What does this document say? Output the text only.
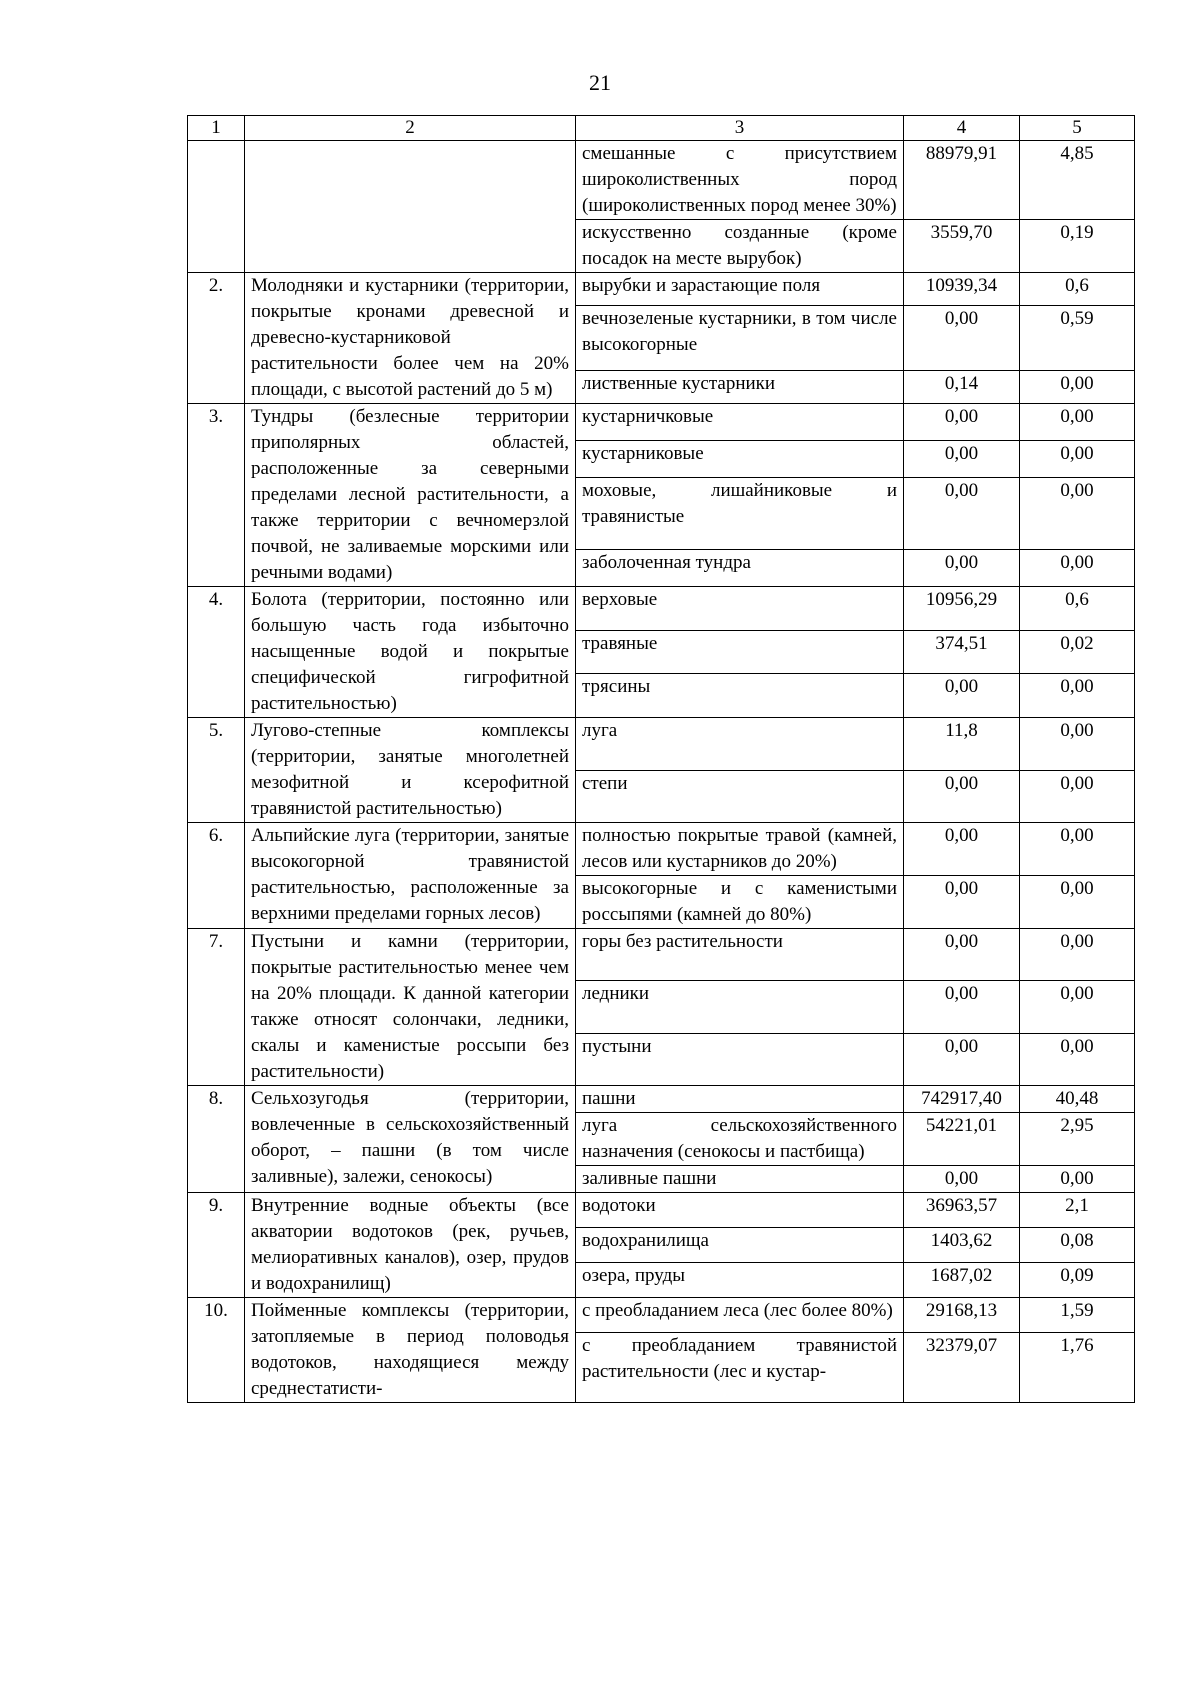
21
1	2	3	4	5
		смешанные с присутствием широколиственных пород (широколиственных пород менее 30%)	88979,91	4,85
		искусственно созданные (кроме посадок на месте вырубок)	3559,70	0,19
2.	Молодняки и кустарники (территории, покрытые кронами древесной и древесно-кустарниковой растительности более чем на 20% площади, с высотой растений до 5 м)	вырубки и зарастающие поля	10939,34	0,6
		вечнозеленые кустарники, в том числе высокогорные	0,00	0,59
		лиственные кустарники	0,14	0,00
3.	Тундры (безлесные территории приполярных областей, расположенные за северными пределами лесной растительности, а также территории с вечномерзлой почвой, не заливаемые морскими или речными водами)	кустарничковые	0,00	0,00
		кустарниковые	0,00	0,00
		моховые, лишайниковые и травянистые	0,00	0,00
		заболоченная тундра	0,00	0,00
4.	Болота (территории, постоянно или большую часть года избыточно насыщенные водой и покрытые специфической гигрофитной растительностью)	верховые	10956,29	0,6
		травяные	374,51	0,02
		трясины	0,00	0,00
5.	Лугово-степные комплексы (территории, занятые многолетней мезофитной и ксерофитной травянистой растительностью)	луга	11,8	0,00
		степи	0,00	0,00
6.	Альпийские луга (территории, занятые высокогорной травянистой растительностью, расположенные за верхними пределами горных лесов)	полностью покрытые травой (камней, лесов или кустарников до 20%)	0,00	0,00
		высокогорные и с каменистыми россыпями (камней до 80%)	0,00	0,00
7.	Пустыни и камни (территории, покрытые растительностью менее чем на 20% площади. К данной категории также относят солончаки, ледники, скалы и каменистые россыпи без растительности)	горы без растительности	0,00	0,00
		ледники	0,00	0,00
		пустыни	0,00	0,00
8.	Сельхозугодья (территории, вовлеченные в сельскохозяйственный оборот, – пашни (в том числе заливные), залежи, сенокосы)	пашни	742917,40	40,48
		луга сельскохозяйственного назначения (сенокосы и пастбища)	54221,01	2,95
		заливные пашни	0,00	0,00
9.	Внутренние водные объекты (все акватории водотоков (рек, ручьев, мелиоративных каналов), озер, прудов и водохранилищ)	водотоки	36963,57	2,1
		водохранилища	1403,62	0,08
		озера, пруды	1687,02	0,09
10.	Пойменные комплексы (территории, затопляемые в период половодья водотоков, находящиеся между среднестатисти-	с преобладанием леса (лес более 80%)	29168,13	1,59
		с преобладанием травянистой растительности (лес и кустар-	32379,07	1,76
